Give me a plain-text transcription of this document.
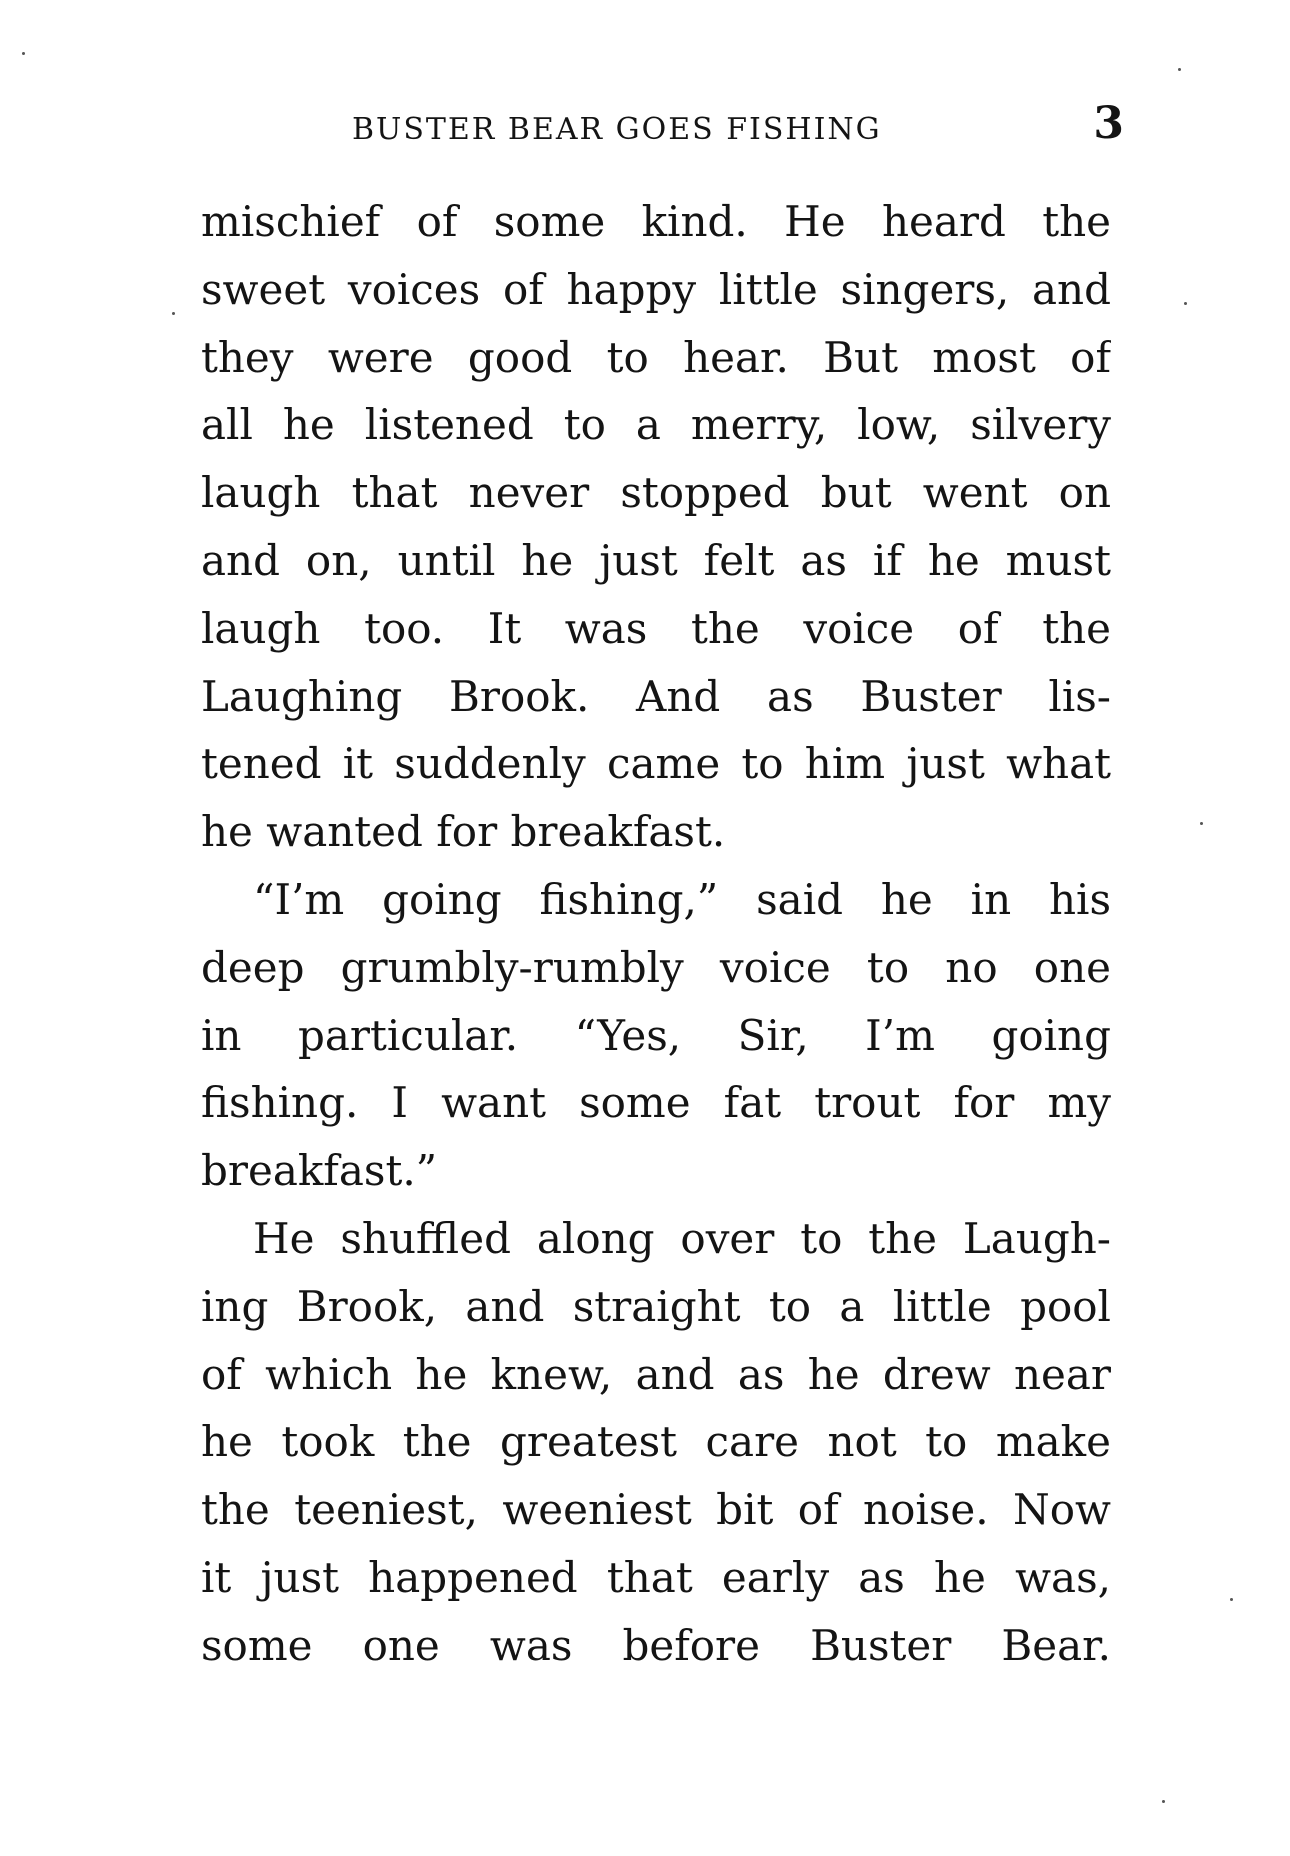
BUSTER BEAR GOES FISHING	3
mischief of some kind. He heard the
sweet voices of happy little singers, and
they were good to hear. But most of
all he listened to a merry, low, silvery
laugh that never stopped but went on
and on, until he just felt as if he must
laugh too. It was the voice of the
Laughing Brook. And as Buster lis-
tened it suddenly came to him just what
he wanted for breakfast.
“I’m going fishing,” said he in his
deep grumbly-rumbly voice to no one
in particular. “Yes, Sir, I’m going
fishing. I want some fat trout for my
breakfast.”
He shuffled along over to the Laugh-
ing Brook, and straight to a little pool
of which he knew, and as he drew near
he took the greatest care not to make
the teeniest, weeniest bit of noise. Now
it just happened that early as he was,
some one was before Buster Bear.
